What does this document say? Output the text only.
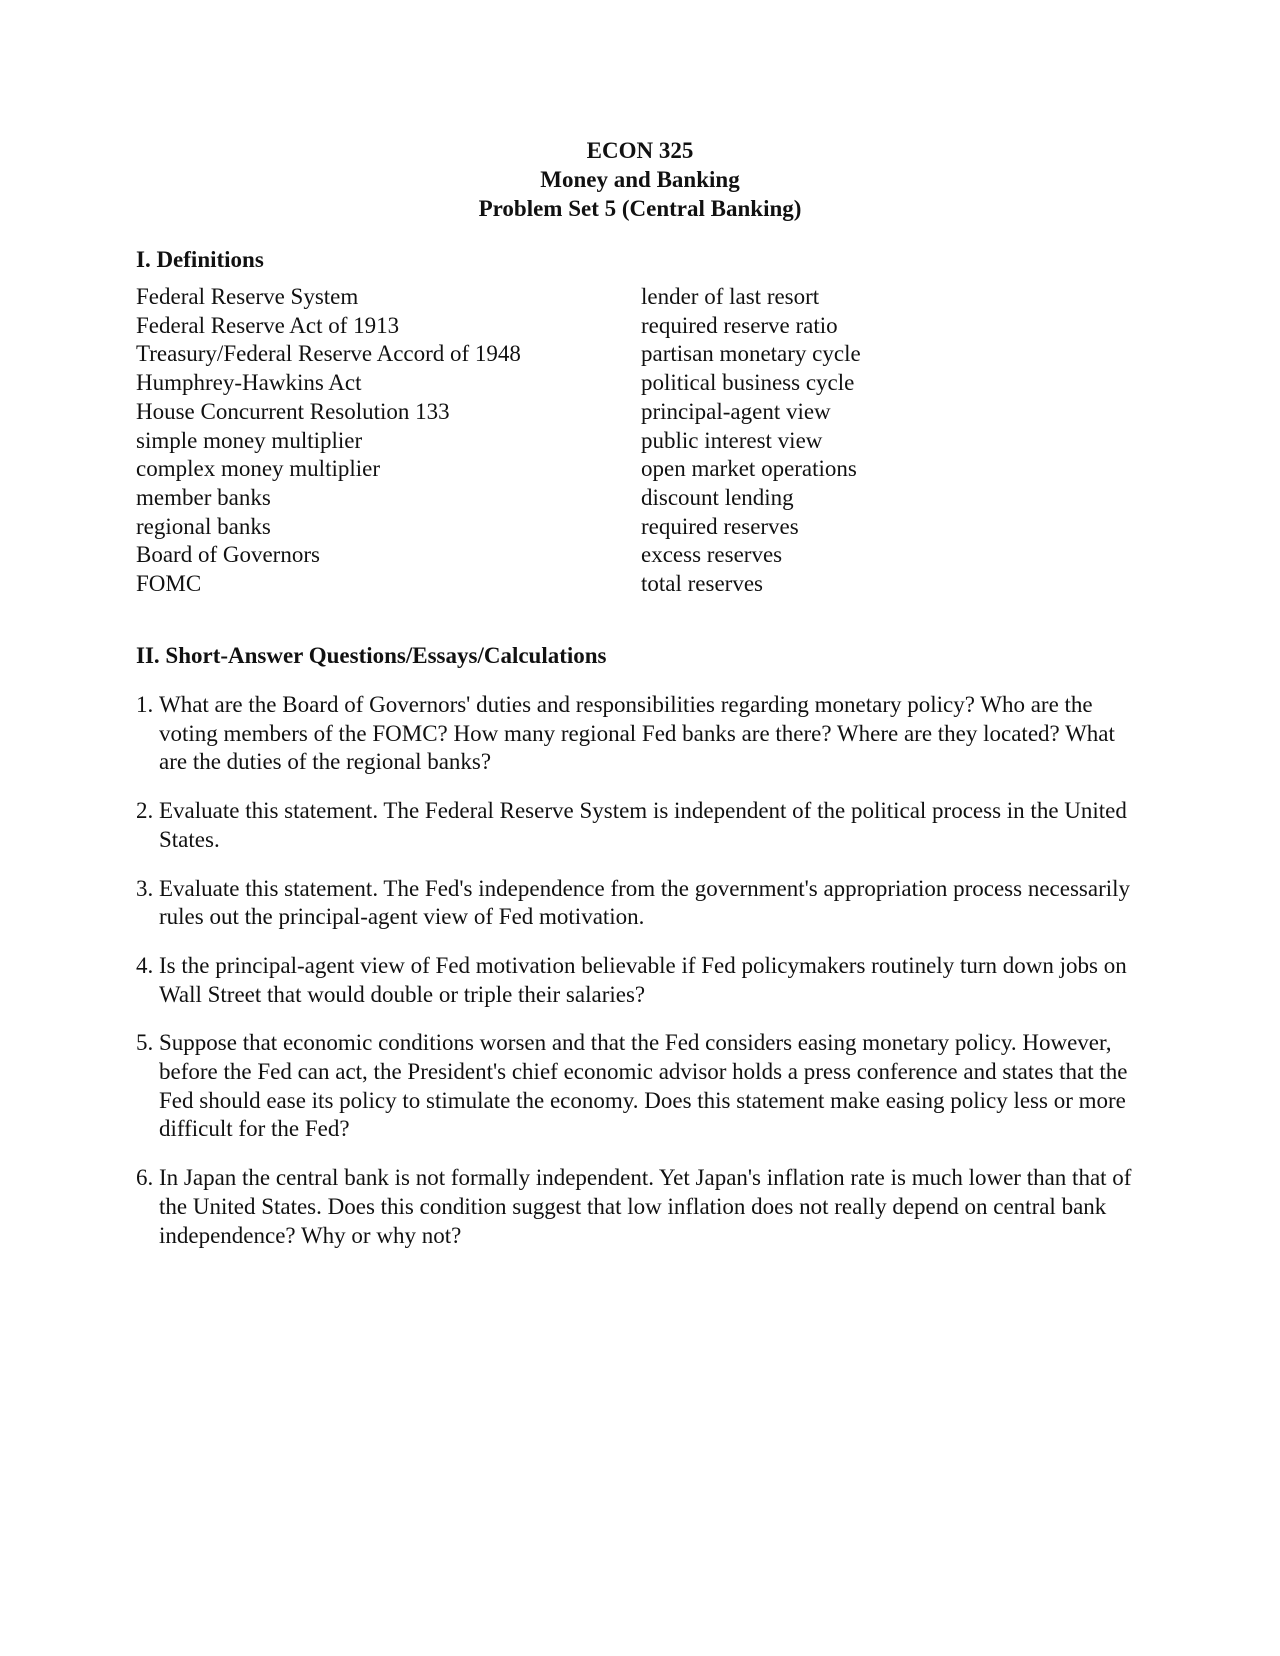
ECON 325
Money and Banking
Problem Set 5 (Central Banking)
I. Definitions
Federal Reserve System
Federal Reserve Act of 1913
Treasury/Federal Reserve Accord of 1948
Humphrey-Hawkins Act
House Concurrent Resolution 133
simple money multiplier
complex money multiplier
member banks
regional banks
Board of Governors
FOMC
lender of last resort
required reserve ratio
partisan monetary cycle
political business cycle
principal-agent view
public interest view
open market operations
discount lending
required reserves
excess reserves
total reserves
II. Short-Answer Questions/Essays/Calculations
1.
What are the Board of Governors' duties and responsibilities regarding monetary policy? Who are the voting members of the FOMC? How many regional Fed banks are there? Where are they located? What are the duties of the regional banks?
2.
Evaluate this statement. The Federal Reserve System is independent of the political process in the United States.
3.
Evaluate this statement. The Fed's independence from the government's appropriation process necessarily rules out the principal-agent view of Fed motivation.
4.
Is the principal-agent view of Fed motivation believable if Fed policymakers routinely turn down jobs on Wall Street that would double or triple their salaries?
5.
Suppose that economic conditions worsen and that the Fed considers easing monetary policy. However, before the Fed can act, the President's chief economic advisor holds a press conference and states that the Fed should ease its policy to stimulate the economy. Does this statement make easing policy less or more difficult for the Fed?
6.
In Japan the central bank is not formally independent. Yet Japan's inflation rate is much lower than that of the United States. Does this condition suggest that low inflation does not really depend on central bank independence? Why or why not?
